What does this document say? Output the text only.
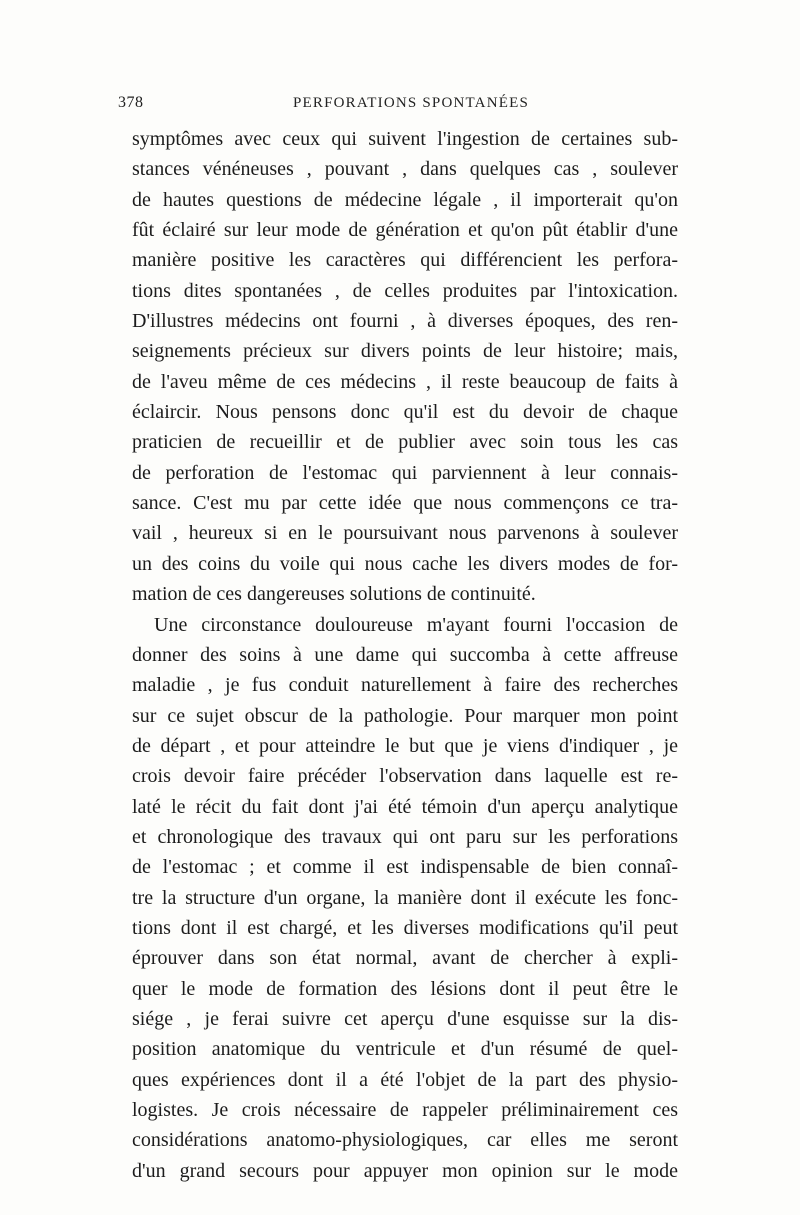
378	PERFORATIONS SPONTANÉES
symptômes avec ceux qui suivent l'ingestion de certaines sub-
stances vénéneuses , pouvant , dans quelques cas , soulever
de hautes questions de médecine légale , il importerait qu'on
fût éclairé sur leur mode de génération et qu'on pût établir d'une
manière positive les caractères qui différencient les perfora-
tions dites spontanées , de celles produites par l'intoxication.
D'illustres médecins ont fourni , à diverses époques, des ren-
seignements précieux sur divers points de leur histoire; mais,
de l'aveu même de ces médecins , il reste beaucoup de faits à
éclaircir. Nous pensons donc qu'il est du devoir de chaque
praticien de recueillir et de publier avec soin tous les cas
de perforation de l'estomac qui parviennent à leur connais-
sance. C'est mu par cette idée que nous commençons ce tra-
vail , heureux si en le poursuivant nous parvenons à soulever
un des coins du voile qui nous cache les divers modes de for-
mation de ces dangereuses solutions de continuité.
Une circonstance douloureuse m'ayant fourni l'occasion de
donner des soins à une dame qui succomba à cette affreuse
maladie , je fus conduit naturellement à faire des recherches
sur ce sujet obscur de la pathologie. Pour marquer mon point
de départ , et pour atteindre le but que je viens d'indiquer , je
crois devoir faire précéder l'observation dans laquelle est re-
laté le récit du fait dont j'ai été témoin d'un aperçu analytique
et chronologique des travaux qui ont paru sur les perforations
de l'estomac ; et comme il est indispensable de bien connaî-
tre la structure d'un organe, la manière dont il exécute les fonc-
tions dont il est chargé, et les diverses modifications qu'il peut
éprouver dans son état normal, avant de chercher à expli-
quer le mode de formation des lésions dont il peut être le
siége , je ferai suivre cet aperçu d'une esquisse sur la dis-
position anatomique du ventricule et d'un résumé de quel-
ques expériences dont il a été l'objet de la part des physio-
logistes. Je crois nécessaire de rappeler préliminairement ces
considérations anatomo-physiologiques, car elles me seront
d'un grand secours pour appuyer mon opinion sur le mode
